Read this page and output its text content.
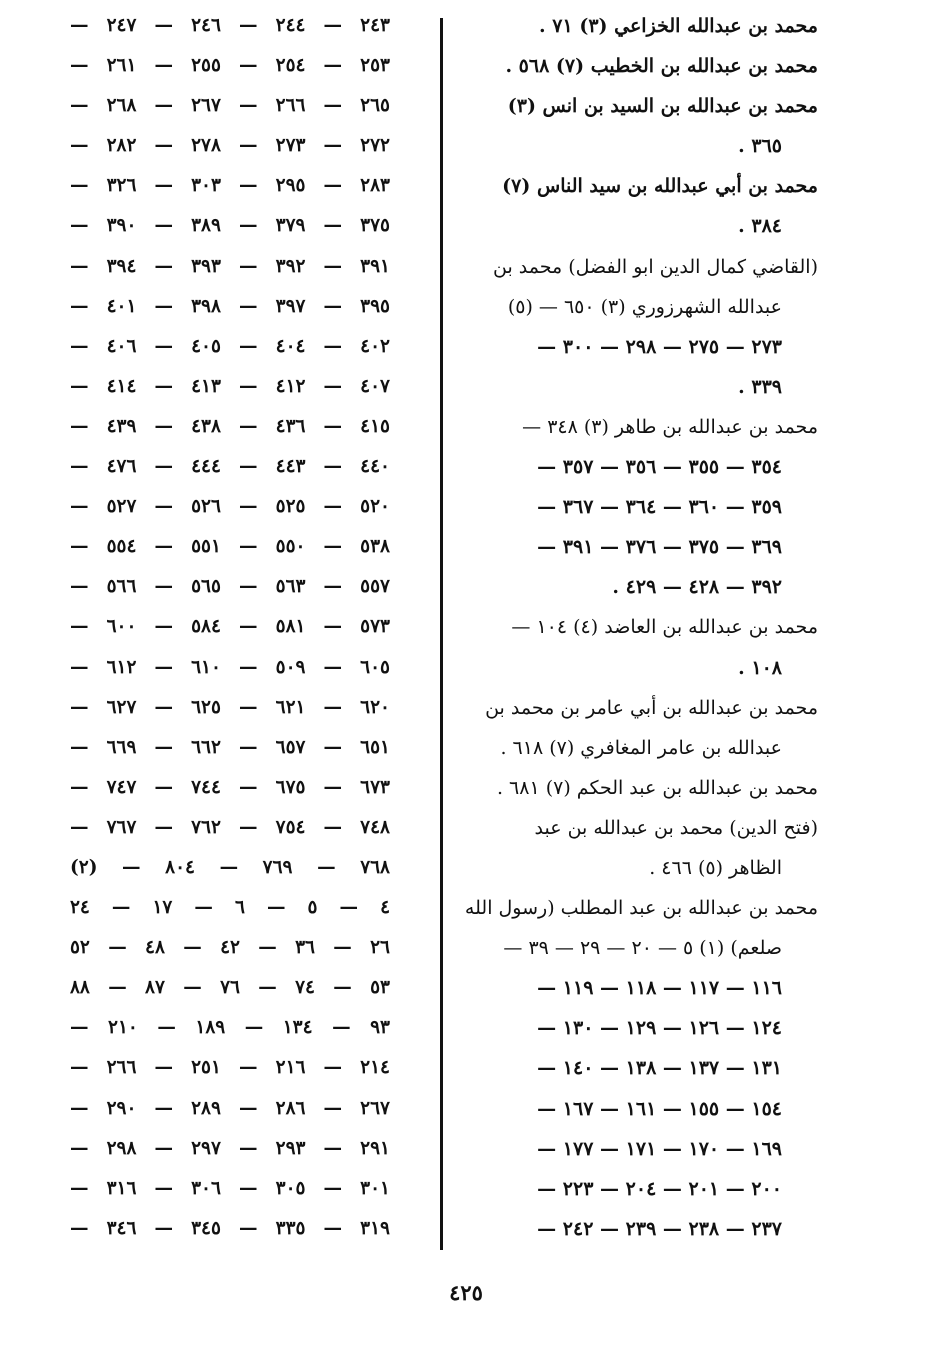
محمد بن عبدالله الخزاعي (٣) ٧١ .
محمد بن عبدالله بن الخطيب (٧) ٥٦٨ .
محمد بن عبدالله بن السيد بن انس (٣)
٣٦٥ .
محمد بن أبي عبدالله بن سيد الناس (٧)
٣٨٤ .
(القاضي كمال الدين ابو الفضل) محمد بن
عبدالله الشهرزوري (٣) ٦٥٠ — (٥)
٢٧٣ — ٢٧٥ — ٢٩٨ — ٣٠٠ —
٣٣٩ .
محمد بن عبدالله بن طاهر (٣) ٣٤٨ —
٣٥٤ — ٣٥٥ — ٣٥٦ — ٣٥٧ —
٣٥٩ — ٣٦٠ — ٣٦٤ — ٣٦٧ —
٣٦٩ — ٣٧٥ — ٣٧٦ — ٣٩١ —
٣٩٢ — ٤٢٨ — ٤٢٩ .
محمد بن عبدالله بن العاضد (٤) ١٠٤ —
١٠٨ .
محمد بن عبدالله بن أبي عامر بن محمد بن
عبدالله بن عامر المغافري (٧) ٦١٨ .
محمد بن عبدالله بن عبد الحكم (٧) ٦٨١ .
(فتح الدين) محمد بن عبدالله بن عبد
الظاهر (٥) ٤٦٦ .
محمد بن عبدالله بن عبد المطلب (رسول الله
صلعم) (١) ٥ — ٢٠ — ٢٩ — ٣٩ —
١١٦ — ١١٧ — ١١٨ — ١١٩ —
١٢٤ — ١٢٦ — ١٢٩ — ١٣٠ —
١٣١ — ١٣٧ — ١٣٨ — ١٤٠ —
١٥٤ — ١٥٥ — ١٦١ — ١٦٧ —
١٦٩ — ١٧٠ — ١٧١ — ١٧٧ —
٢٠٠ — ٢٠١ — ٢٠٤ — ٢٢٣ —
٢٣٧ — ٢٣٨ — ٢٣٩ — ٢٤٢ —
٢٤٣ — ٢٤٤ — ٢٤٦ — ٢٤٧ —
٢٥٣ — ٢٥٤ — ٢٥٥ — ٢٦١ —
٢٦٥ — ٢٦٦ — ٢٦٧ — ٢٦٨ —
٢٧٢ — ٢٧٣ — ٢٧٨ — ٢٨٢ —
٢٨٣ — ٢٩٥ — ٣٠٣ — ٣٢٦ —
٣٧٥ — ٣٧٩ — ٣٨٩ — ٣٩٠ —
٣٩١ — ٣٩٢ — ٣٩٣ — ٣٩٤ —
٣٩٥ — ٣٩٧ — ٣٩٨ — ٤٠١ —
٤٠٢ — ٤٠٤ — ٤٠٥ — ٤٠٦ —
٤٠٧ — ٤١٢ — ٤١٣ — ٤١٤ —
٤١٥ — ٤٣٦ — ٤٣٨ — ٤٣٩ —
٤٤٠ — ٤٤٣ — ٤٤٤ — ٤٧٦ —
٥٢٠ — ٥٢٥ — ٥٢٦ — ٥٢٧ —
٥٣٨ — ٥٥٠ — ٥٥١ — ٥٥٤ —
٥٥٧ — ٥٦٣ — ٥٦٥ — ٥٦٦ —
٥٧٣ — ٥٨١ — ٥٨٤ — ٦٠٠ —
٦٠٥ — ٥٠٩ — ٦١٠ — ٦١٢ —
٦٢٠ — ٦٢١ — ٦٢٥ — ٦٢٧ —
٦٥١ — ٦٥٧ — ٦٦٢ — ٦٦٩ —
٦٧٣ — ٦٧٥ — ٧٤٤ — ٧٤٧ —
٧٤٨ — ٧٥٤ — ٧٦٢ — ٧٦٧ —
٧٦٨ — ٧٦٩ — ٨٠٤ — (٢)
٤ — ٥ — ٦ — ١٧ — ٢٤
٢٦ — ٣٦ — ٤٢ — ٤٨ — ٥٢
٥٣ — ٧٤ — ٧٦ — ٨٧ — ٨٨
٩٣ — ١٣٤ — ١٨٩ — ٢١٠ —
٢١٤ — ٢١٦ — ٢٥١ — ٢٦٦ —
٢٦٧ — ٢٨٦ — ٢٨٩ — ٢٩٠ —
٢٩١ — ٢٩٣ — ٢٩٧ — ٢٩٨ —
٣٠١ — ٣٠٥ — ٣٠٦ — ٣١٦ —
٣١٩ — ٣٣٥ — ٣٤٥ — ٣٤٦ —
٤٢٥
